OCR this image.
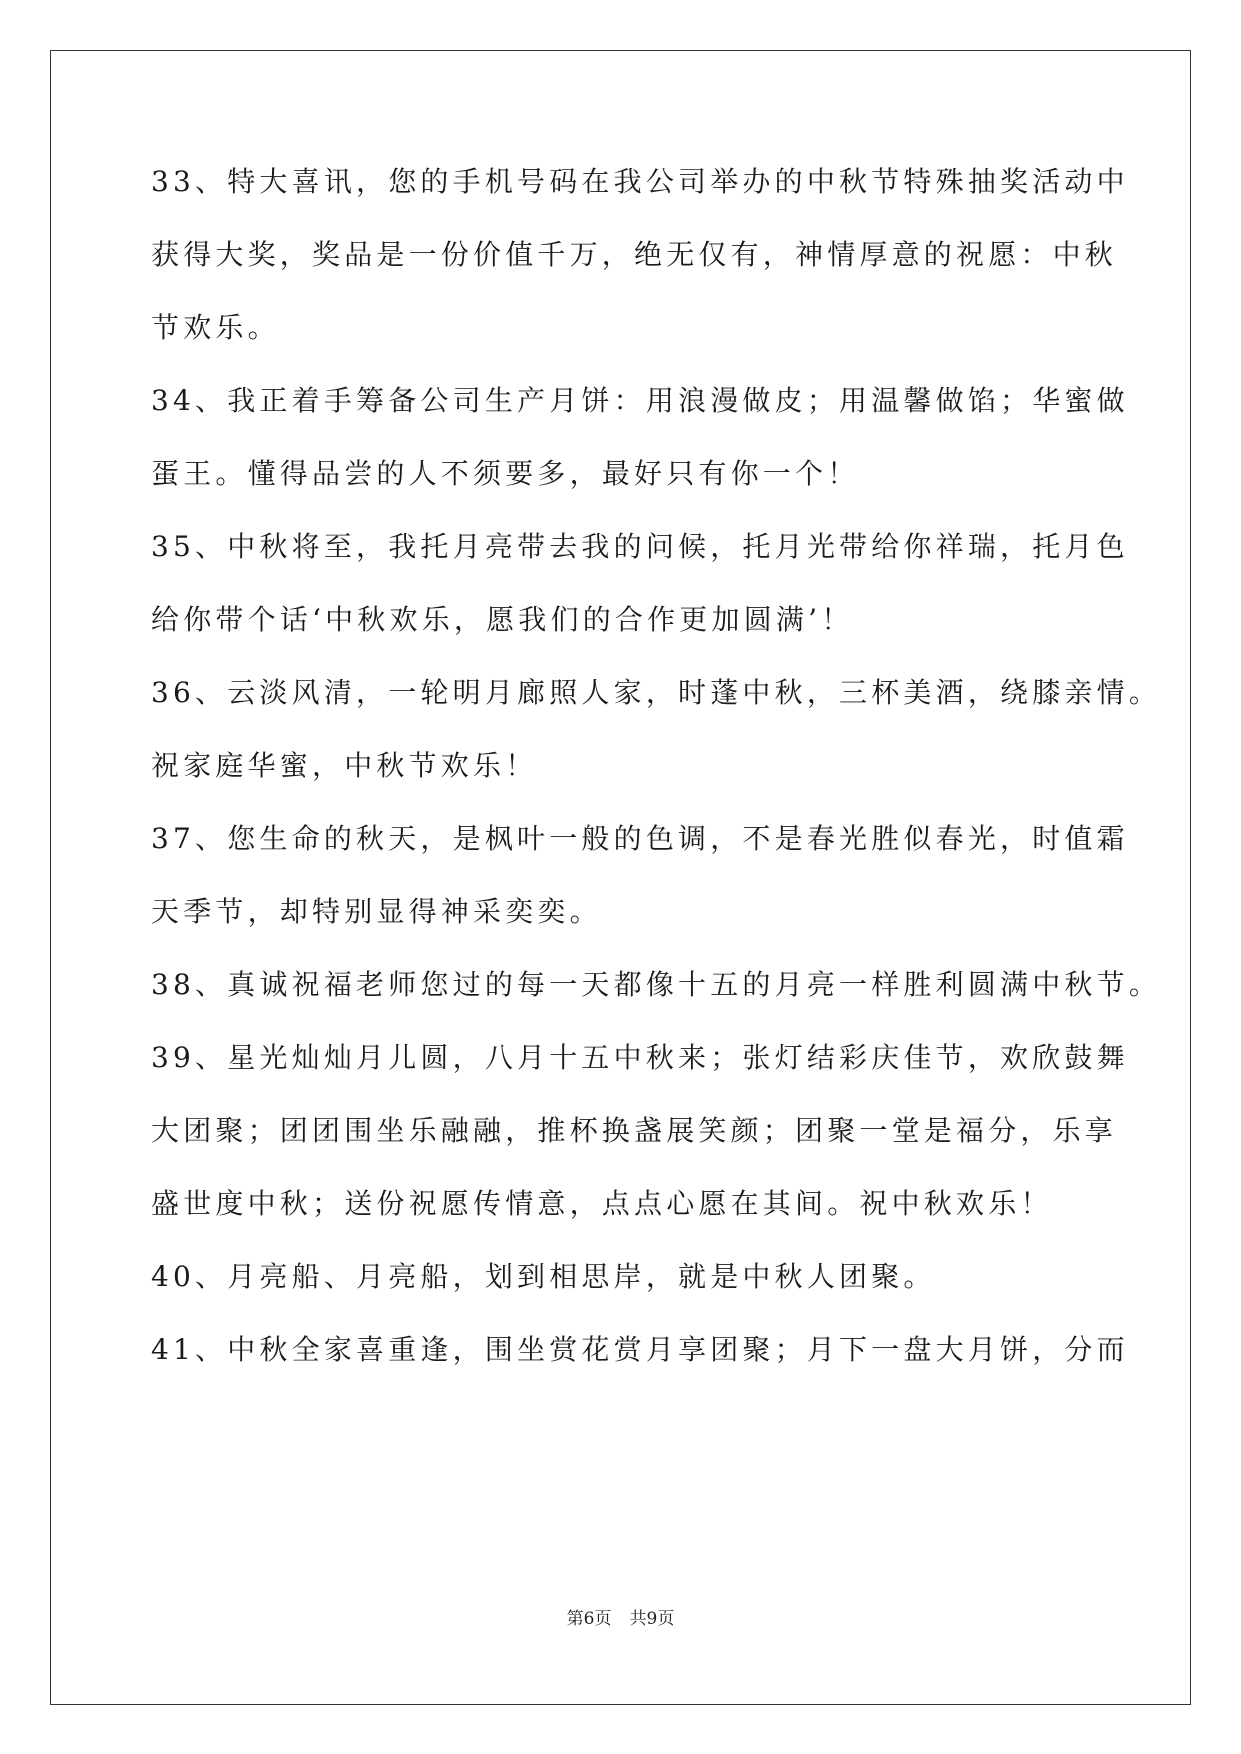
33、特大喜讯，您的手机号码在我公司举办的中秋节特殊抽奖活动中
获得大奖，奖品是一份价值千万，绝无仅有，神情厚意的祝愿：中秋
节欢乐。
34、我正着手筹备公司生产月饼：用浪漫做皮；用温馨做馅；华蜜做
蛋王。懂得品尝的人不须要多，最好只有你一个！
35、中秋将至，我托月亮带去我的问候，托月光带给你祥瑞，托月色
给你带个话‘中秋欢乐，愿我们的合作更加圆满’！
36、云淡风清，一轮明月廊照人家，时蓬中秋，三杯美酒，绕膝亲情。
祝家庭华蜜，中秋节欢乐！
37、您生命的秋天，是枫叶一般的色调，不是春光胜似春光，时值霜
天季节，却特别显得神采奕奕。
38、真诚祝福老师您过的每一天都像十五的月亮一样胜利圆满中秋节。
39、星光灿灿月儿圆，八月十五中秋来；张灯结彩庆佳节，欢欣鼓舞
大团聚；团团围坐乐融融，推杯换盏展笑颜；团聚一堂是福分，乐享
盛世度中秋；送份祝愿传情意，点点心愿在其间。祝中秋欢乐！
40、月亮船、月亮船，划到相思岸，就是中秋人团聚。
41、中秋全家喜重逢，围坐赏花赏月享团聚；月下一盘大月饼，分而
第6页 共9页
